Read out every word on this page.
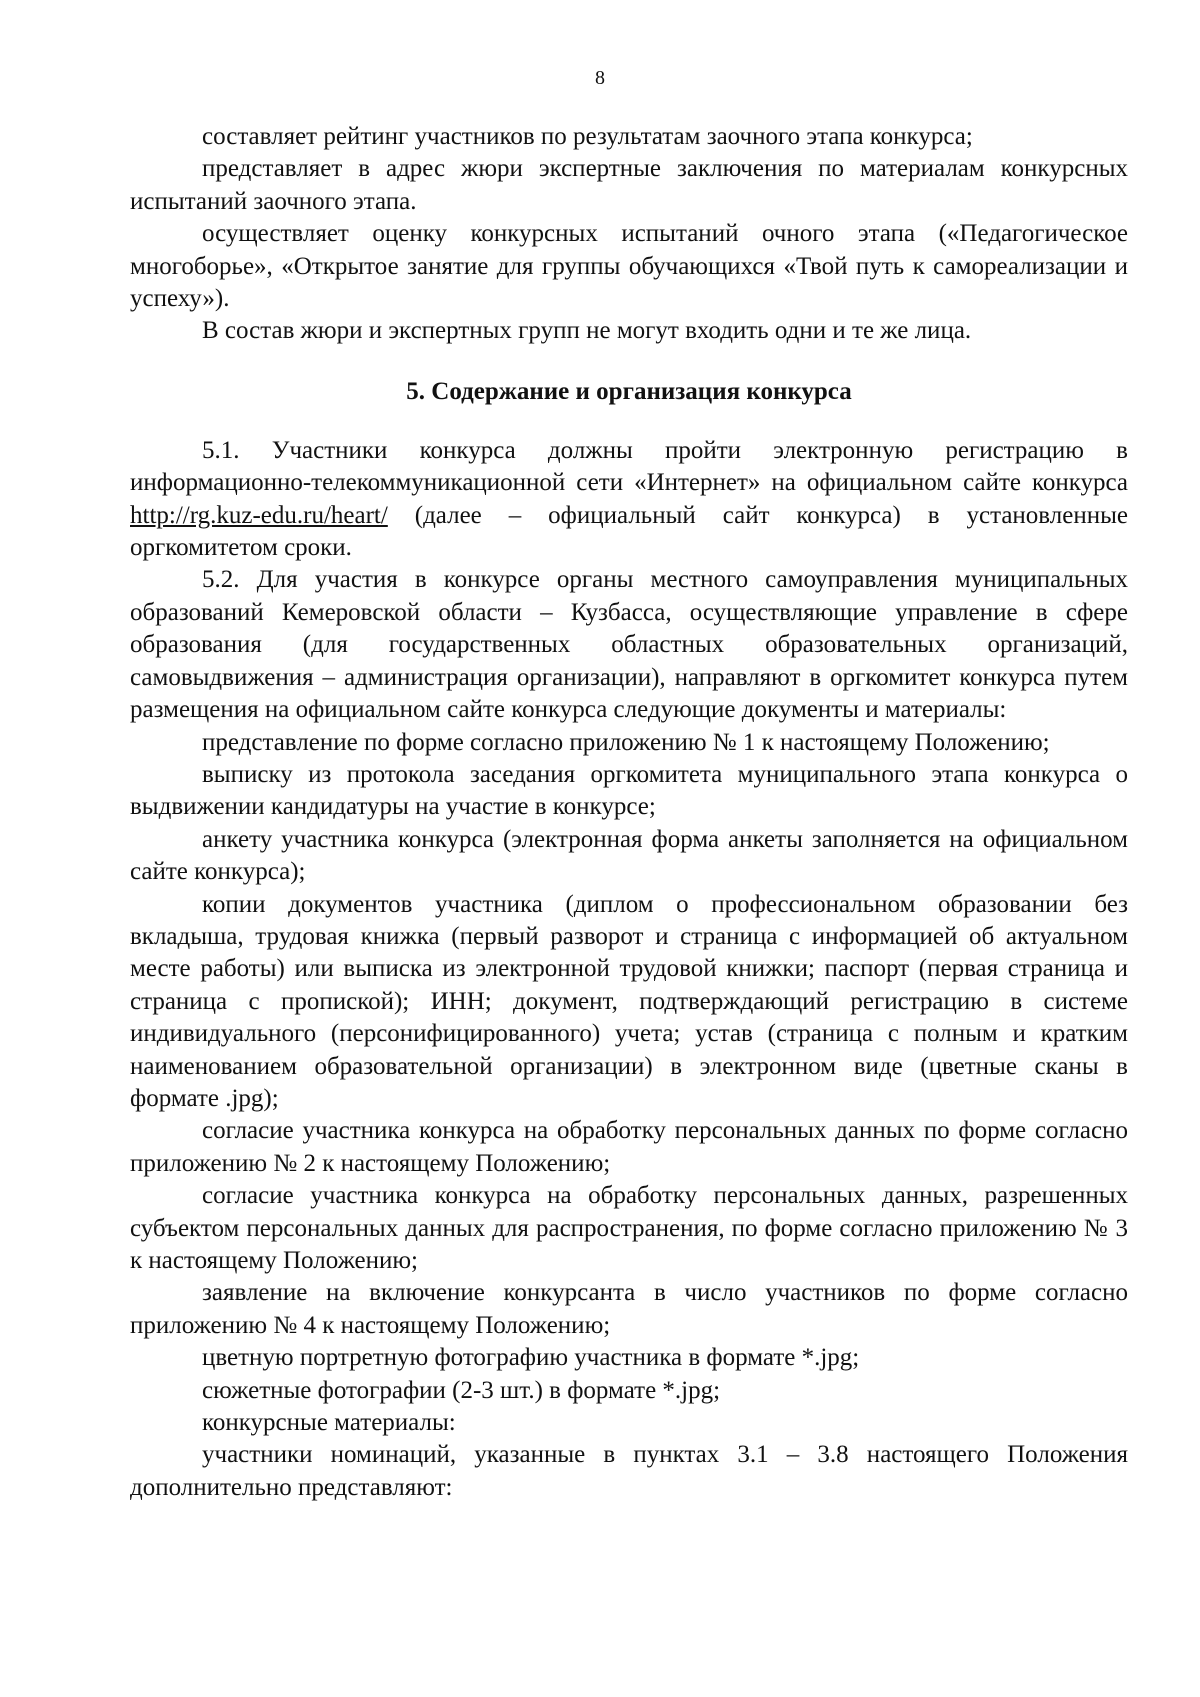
8

составляет рейтинг участников по результатам заочного этапа конкурса;

представляет в адрес жюри экспертные заключения по материалам конкурсных испытаний заочного этапа.

осуществляет оценку конкурсных испытаний очного этапа («Педагогическое многоборье», «Открытое занятие для группы обучающихся «Твой путь к самореализации и успеху»).

В состав жюри и экспертных групп не могут входить одни и те же лица.

5. Содержание и организация конкурса

5.1. Участники конкурса должны пройти электронную регистрацию в информационно-телекоммуникационной сети «Интернет» на официальном сайте конкурса http://rg.kuz-edu.ru/heart/ (далее – официальный сайт конкурса) в установленные оргкомитетом сроки.

5.2. Для участия в конкурсе органы местного самоуправления муниципальных образований Кемеровской области – Кузбасса, осуществляющие управление в сфере образования (для государственных областных образовательных организаций, самовыдвижения – администрация организации), направляют в оргкомитет конкурса путем размещения на официальном сайте конкурса следующие документы и материалы:

представление по форме согласно приложению № 1 к настоящему Положению;

выписку из протокола заседания оргкомитета муниципального этапа конкурса о выдвижении кандидатуры на участие в конкурсе;

анкету участника конкурса (электронная форма анкеты заполняется на официальном сайте конкурса);

копии документов участника (диплом о профессиональном образовании без вкладыша, трудовая книжка (первый разворот и страница с информацией об актуальном месте работы) или выписка из электронной трудовой книжки; паспорт (первая страница и страница с пропиской); ИНН; документ, подтверждающий регистрацию в системе индивидуального (персонифицированного) учета; устав (страница с полным и кратким наименованием образовательной организации) в электронном виде (цветные сканы в формате .jpg);

согласие участника конкурса на обработку персональных данных по форме согласно приложению № 2 к настоящему Положению;

согласие участника конкурса на обработку персональных данных, разрешенных субъектом персональных данных для распространения, по форме согласно приложению № 3 к настоящему Положению;

заявление на включение конкурсанта в число участников по форме согласно приложению № 4 к настоящему Положению;

цветную портретную фотографию участника в формате *.jpg;

сюжетные фотографии (2-3 шт.) в формате *.jpg;

конкурсные материалы:

участники номинаций, указанные в пунктах 3.1 – 3.8 настоящего Положения дополнительно представляют:
